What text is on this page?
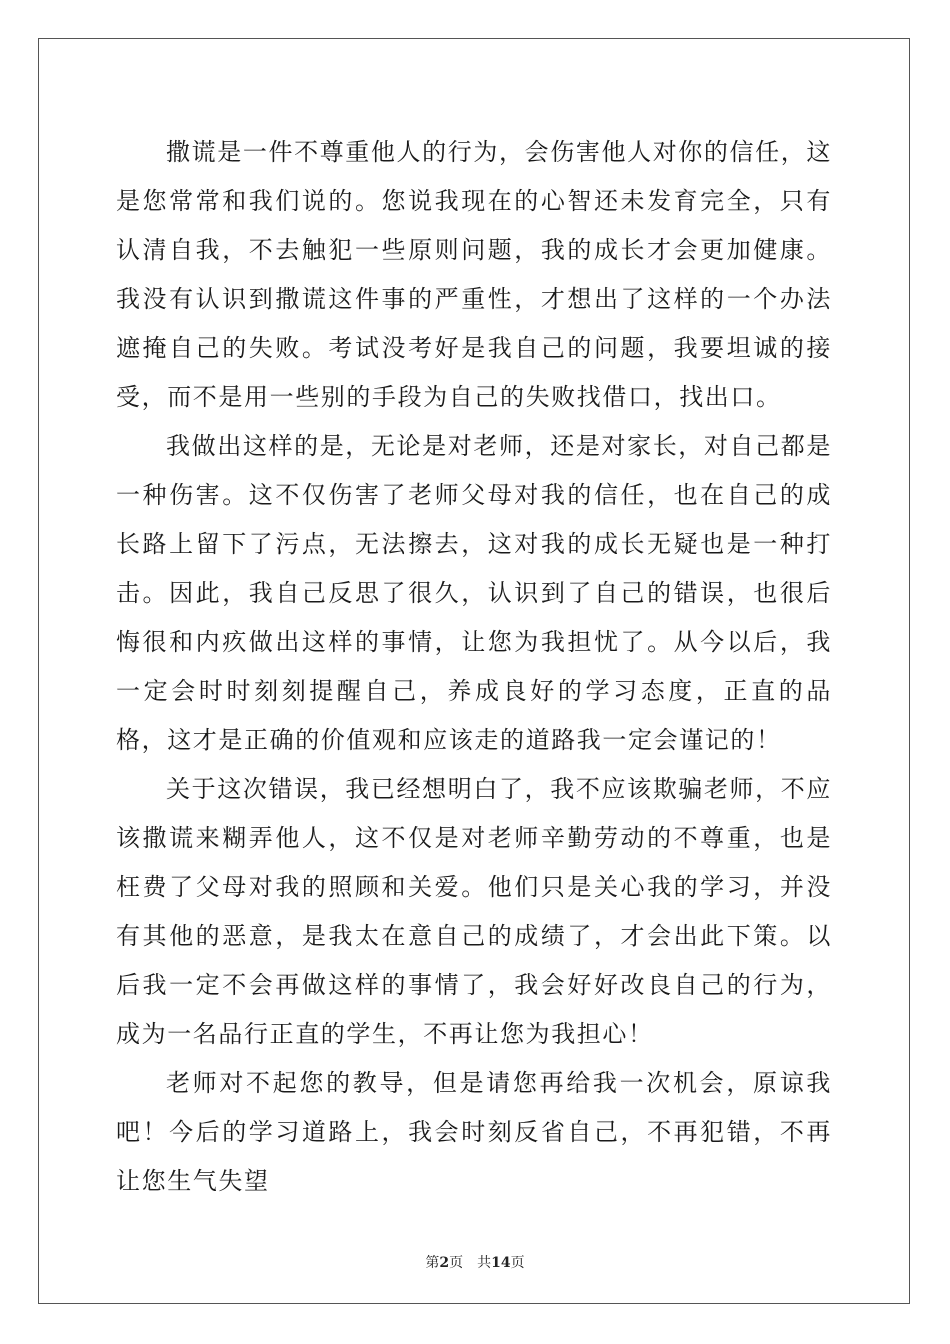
撒谎是一件不尊重他人的行为，会伤害他人对你的信任，这是您常常和我们说的。您说我现在的心智还未发育完全，只有认清自我，不去触犯一些原则问题，我的成长才会更加健康。我没有认识到撒谎这件事的严重性，才想出了这样的一个办法遮掩自己的失败。考试没考好是我自己的问题，我要坦诚的接受，而不是用一些别的手段为自己的失败找借口，找出口。

我做出这样的是，无论是对老师，还是对家长，对自己都是一种伤害。这不仅伤害了老师父母对我的信任，也在自己的成长路上留下了污点，无法擦去，这对我的成长无疑也是一种打击。因此，我自己反思了很久，认识到了自己的错误，也很后悔很和内疚做出这样的事情，让您为我担忧了。从今以后，我一定会时时刻刻提醒自己，养成良好的学习态度，正直的品格，这才是正确的价值观和应该走的道路我一定会谨记的！

关于这次错误，我已经想明白了，我不应该欺骗老师，不应该撒谎来糊弄他人，这不仅是对老师辛勤劳动的不尊重，也是枉费了父母对我的照顾和关爱。他们只是关心我的学习，并没有其他的恶意，是我太在意自己的成绩了，才会出此下策。以后我一定不会再做这样的事情了，我会好好改良自己的行为，成为一名品行正直的学生，不再让您为我担心！

老师对不起您的教导，但是请您再给我一次机会，原谅我吧！今后的学习道路上，我会时刻反省自己，不再犯错，不再让您生气失望

第2页 共14页
